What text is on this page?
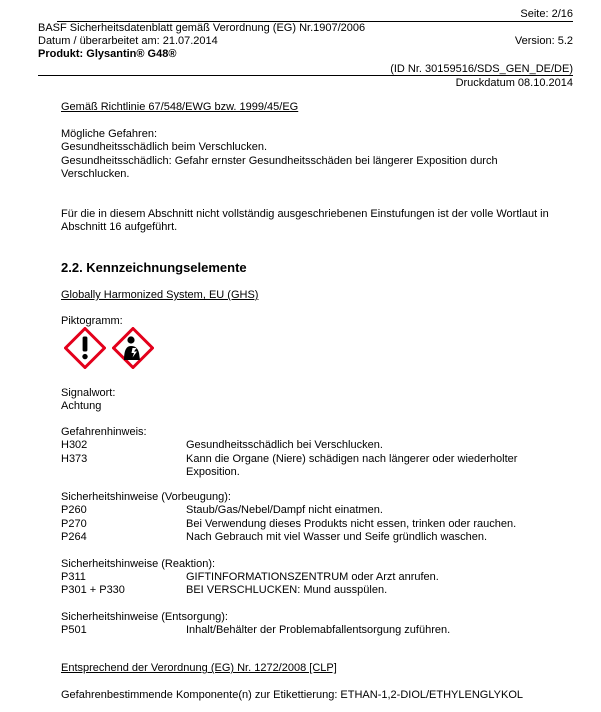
Seite: 2/16
BASF Sicherheitsdatenblatt gemäß Verordnung (EG) Nr.1907/2006
Datum / überarbeitet am: 21.07.2014	Version: 5.2
Produkt: Glysantin® G48®
(ID Nr. 30159516/SDS_GEN_DE/DE)
Druckdatum 08.10.2014
Gemäß Richtlinie 67/548/EWG bzw. 1999/45/EG
Mögliche Gefahren:
Gesundheitsschädlich beim Verschlucken.
Gesundheitsschädlich: Gefahr ernster Gesundheitsschäden bei längerer Exposition durch
Verschlucken.
Für die in diesem Abschnitt nicht vollständig ausgeschriebenen Einstufungen ist der volle Wortlaut in
Abschnitt 16 aufgeführt.
2.2. Kennzeichnungselemente
Globally Harmonized System, EU (GHS)
Piktogramm:
Signalwort:
Achtung
Gefahrenhinweis:
H302	Gesundheitsschädlich bei Verschlucken.
H373	Kann die Organe (Niere) schädigen nach längerer oder wiederholter
Exposition.
Sicherheitshinweise (Vorbeugung):
P260	Staub/Gas/Nebel/Dampf nicht einatmen.
P270	Bei Verwendung dieses Produkts nicht essen, trinken oder rauchen.
P264	Nach Gebrauch mit viel Wasser und Seife gründlich waschen.
Sicherheitshinweise (Reaktion):
P311	GIFTINFORMATIONSZENTRUM oder Arzt anrufen.
P301 + P330	BEI VERSCHLUCKEN: Mund ausspülen.
Sicherheitshinweise (Entsorgung):
P501	Inhalt/Behälter der Problemabfallentsorgung zuführen.
Entsprechend der Verordnung (EG) Nr. 1272/2008 [CLP]
Gefahrenbestimmende Komponente(n) zur Etikettierung: ETHAN-1,2-DIOL/ETHYLENGLYKOL
